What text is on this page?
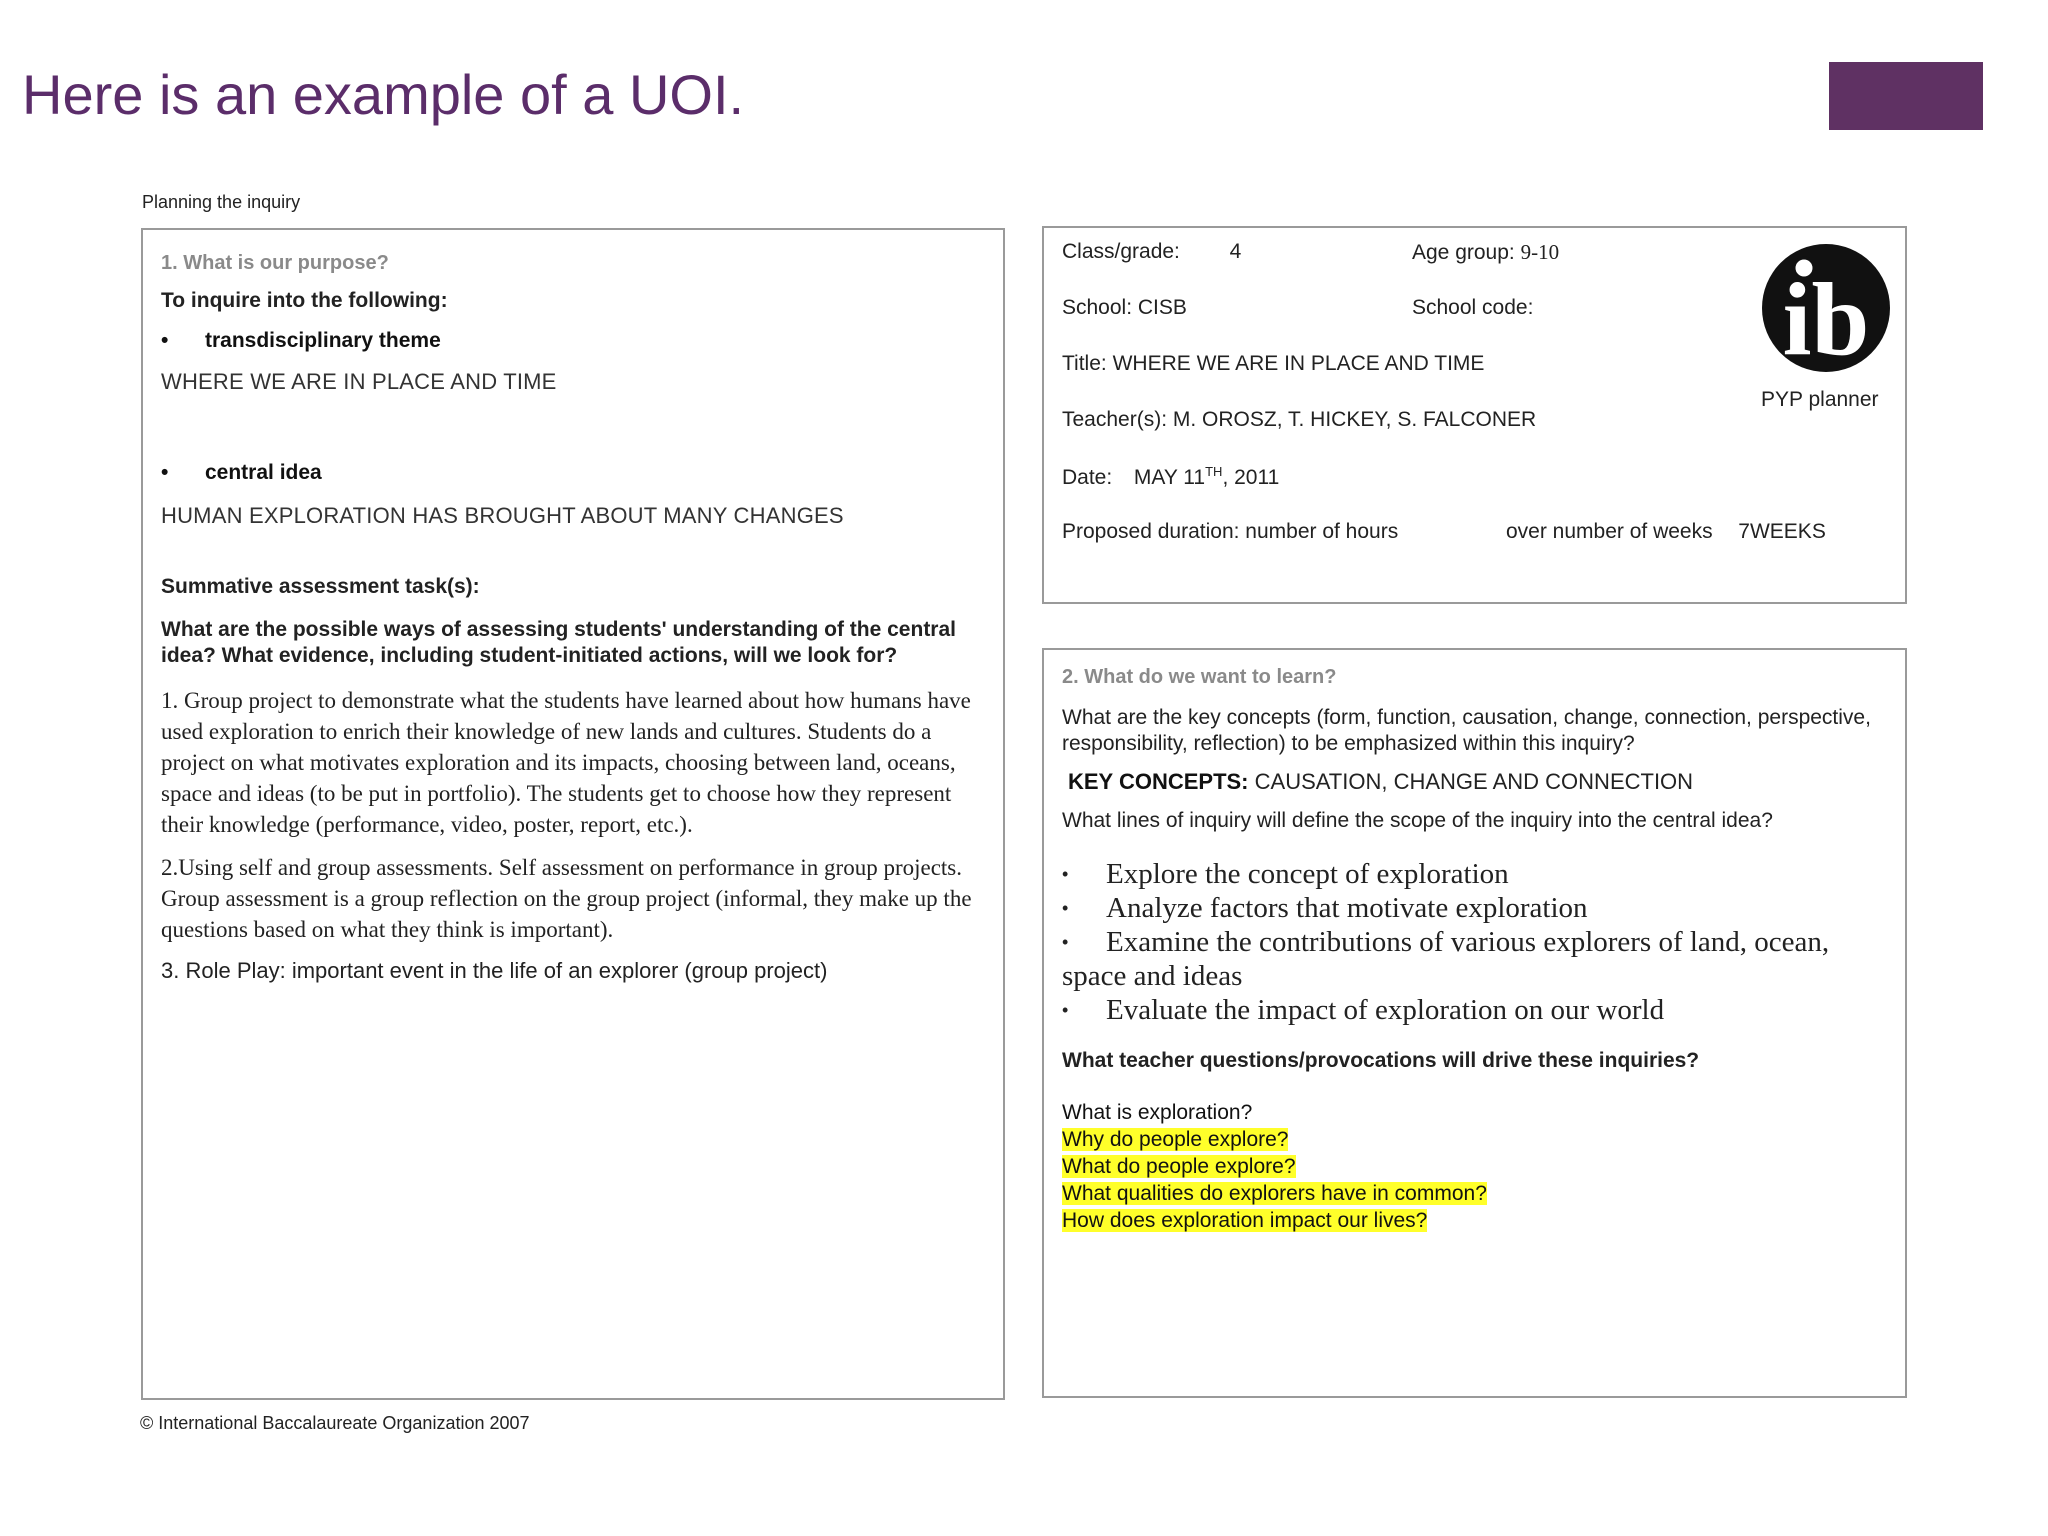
Here is an example of a UOI.
Planning the inquiry
1. What is our purpose?
To inquire into the following:
•	transdisciplinary theme
WHERE WE ARE IN PLACE AND TIME
•	central idea
HUMAN EXPLORATION HAS BROUGHT ABOUT MANY CHANGES
Summative assessment task(s):
What are the possible ways of assessing students' understanding of the central idea? What evidence, including student-initiated actions, will we look for?
1. Group project to demonstrate what the students have learned about how humans have used exploration to enrich their knowledge of new lands and cultures. Students do a project on what motivates exploration and its impacts, choosing between land, oceans, space and ideas (to be put in portfolio). The students get to choose how they represent their knowledge (performance, video, poster, report, etc.).
2.Using self and group assessments. Self assessment on performance in group projects. Group assessment is a group reflection on the group project (informal, they make up the questions based on what they think is important).
3. Role Play: important event in the life of an explorer (group project)
Class/grade: 4	Age group: 9-10
School: CISB	School code:
Title: WHERE WE ARE IN PLACE AND TIME
Teacher(s): M. OROSZ, T. HICKEY, S. FALCONER
Date: MAY 11TH, 2011
Proposed duration: number of hours	over number of weeks 7WEEKS
ib
PYP planner
2. What do we want to learn?
What are the key concepts (form, function, causation, change, connection, perspective, responsibility, reflection) to be emphasized within this inquiry?
KEY CONCEPTS: CAUSATION, CHANGE AND CONNECTION
What lines of inquiry will define the scope of the inquiry into the central idea?
•	Explore the concept of exploration
•	Analyze factors that motivate exploration
•	Examine the contributions of various explorers of land, ocean,
space and ideas
•	Evaluate the impact of exploration on our world
What teacher questions/provocations will drive these inquiries?
What is exploration?
Why do people explore?
What do people explore?
What qualities do explorers have in common?
How does exploration impact our lives?
© International Baccalaureate Organization 2007
